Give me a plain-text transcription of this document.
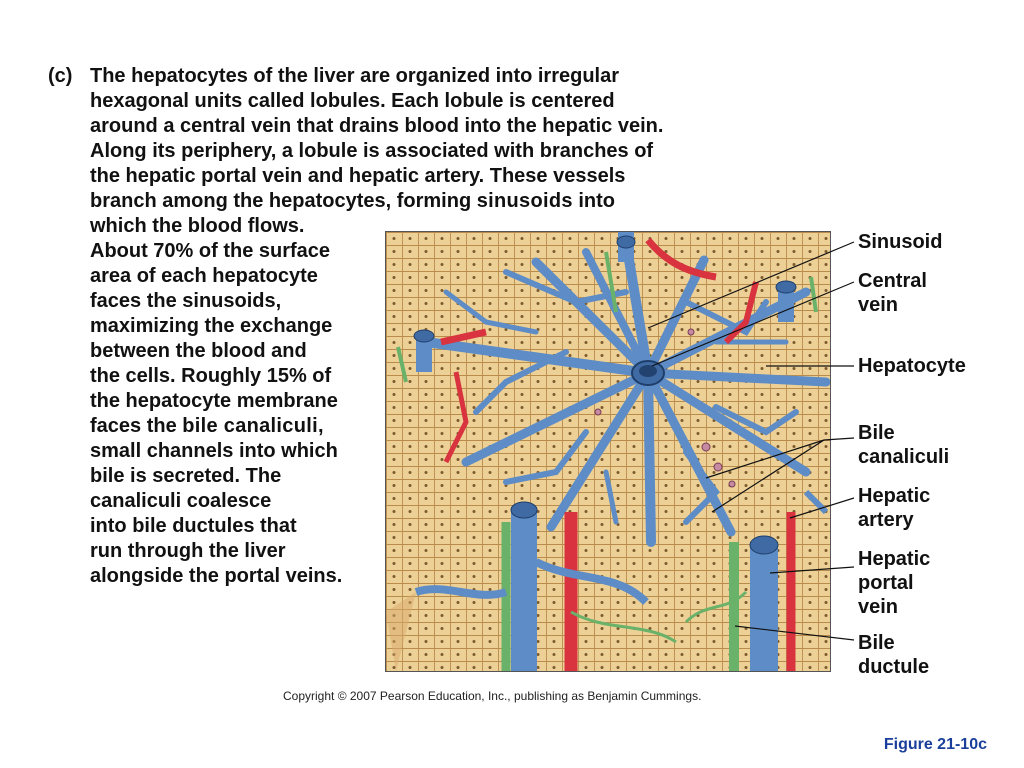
(c) The hepatocytes of the liver are organized into irregular
hexagonal units called lobules. Each lobule is centered
around a central vein that drains blood into the hepatic vein.
Along its periphery, a lobule is associated with branches of
the hepatic portal vein and hepatic artery. These vessels
branch among the hepatocytes, forming sinusoids into
which the blood flows.
About 70% of the surface
area of each hepatocyte
faces the sinusoids,
maximizing the exchange
between the blood and
the cells. Roughly 15% of
the hepatocyte membrane
faces the bile canaliculi,
small channels into which
bile is secreted. The
canaliculi coalesce
into bile ductules that
run through the liver
alongside the portal veins.
Sinusoid
Central
vein
Hepatocyte
Bile
canaliculi
Hepatic
artery
Hepatic
portal
vein
Bile
ductule
Copyright © 2007 Pearson Education, Inc., publishing as Benjamin Cummings.
Figure 21-10c
